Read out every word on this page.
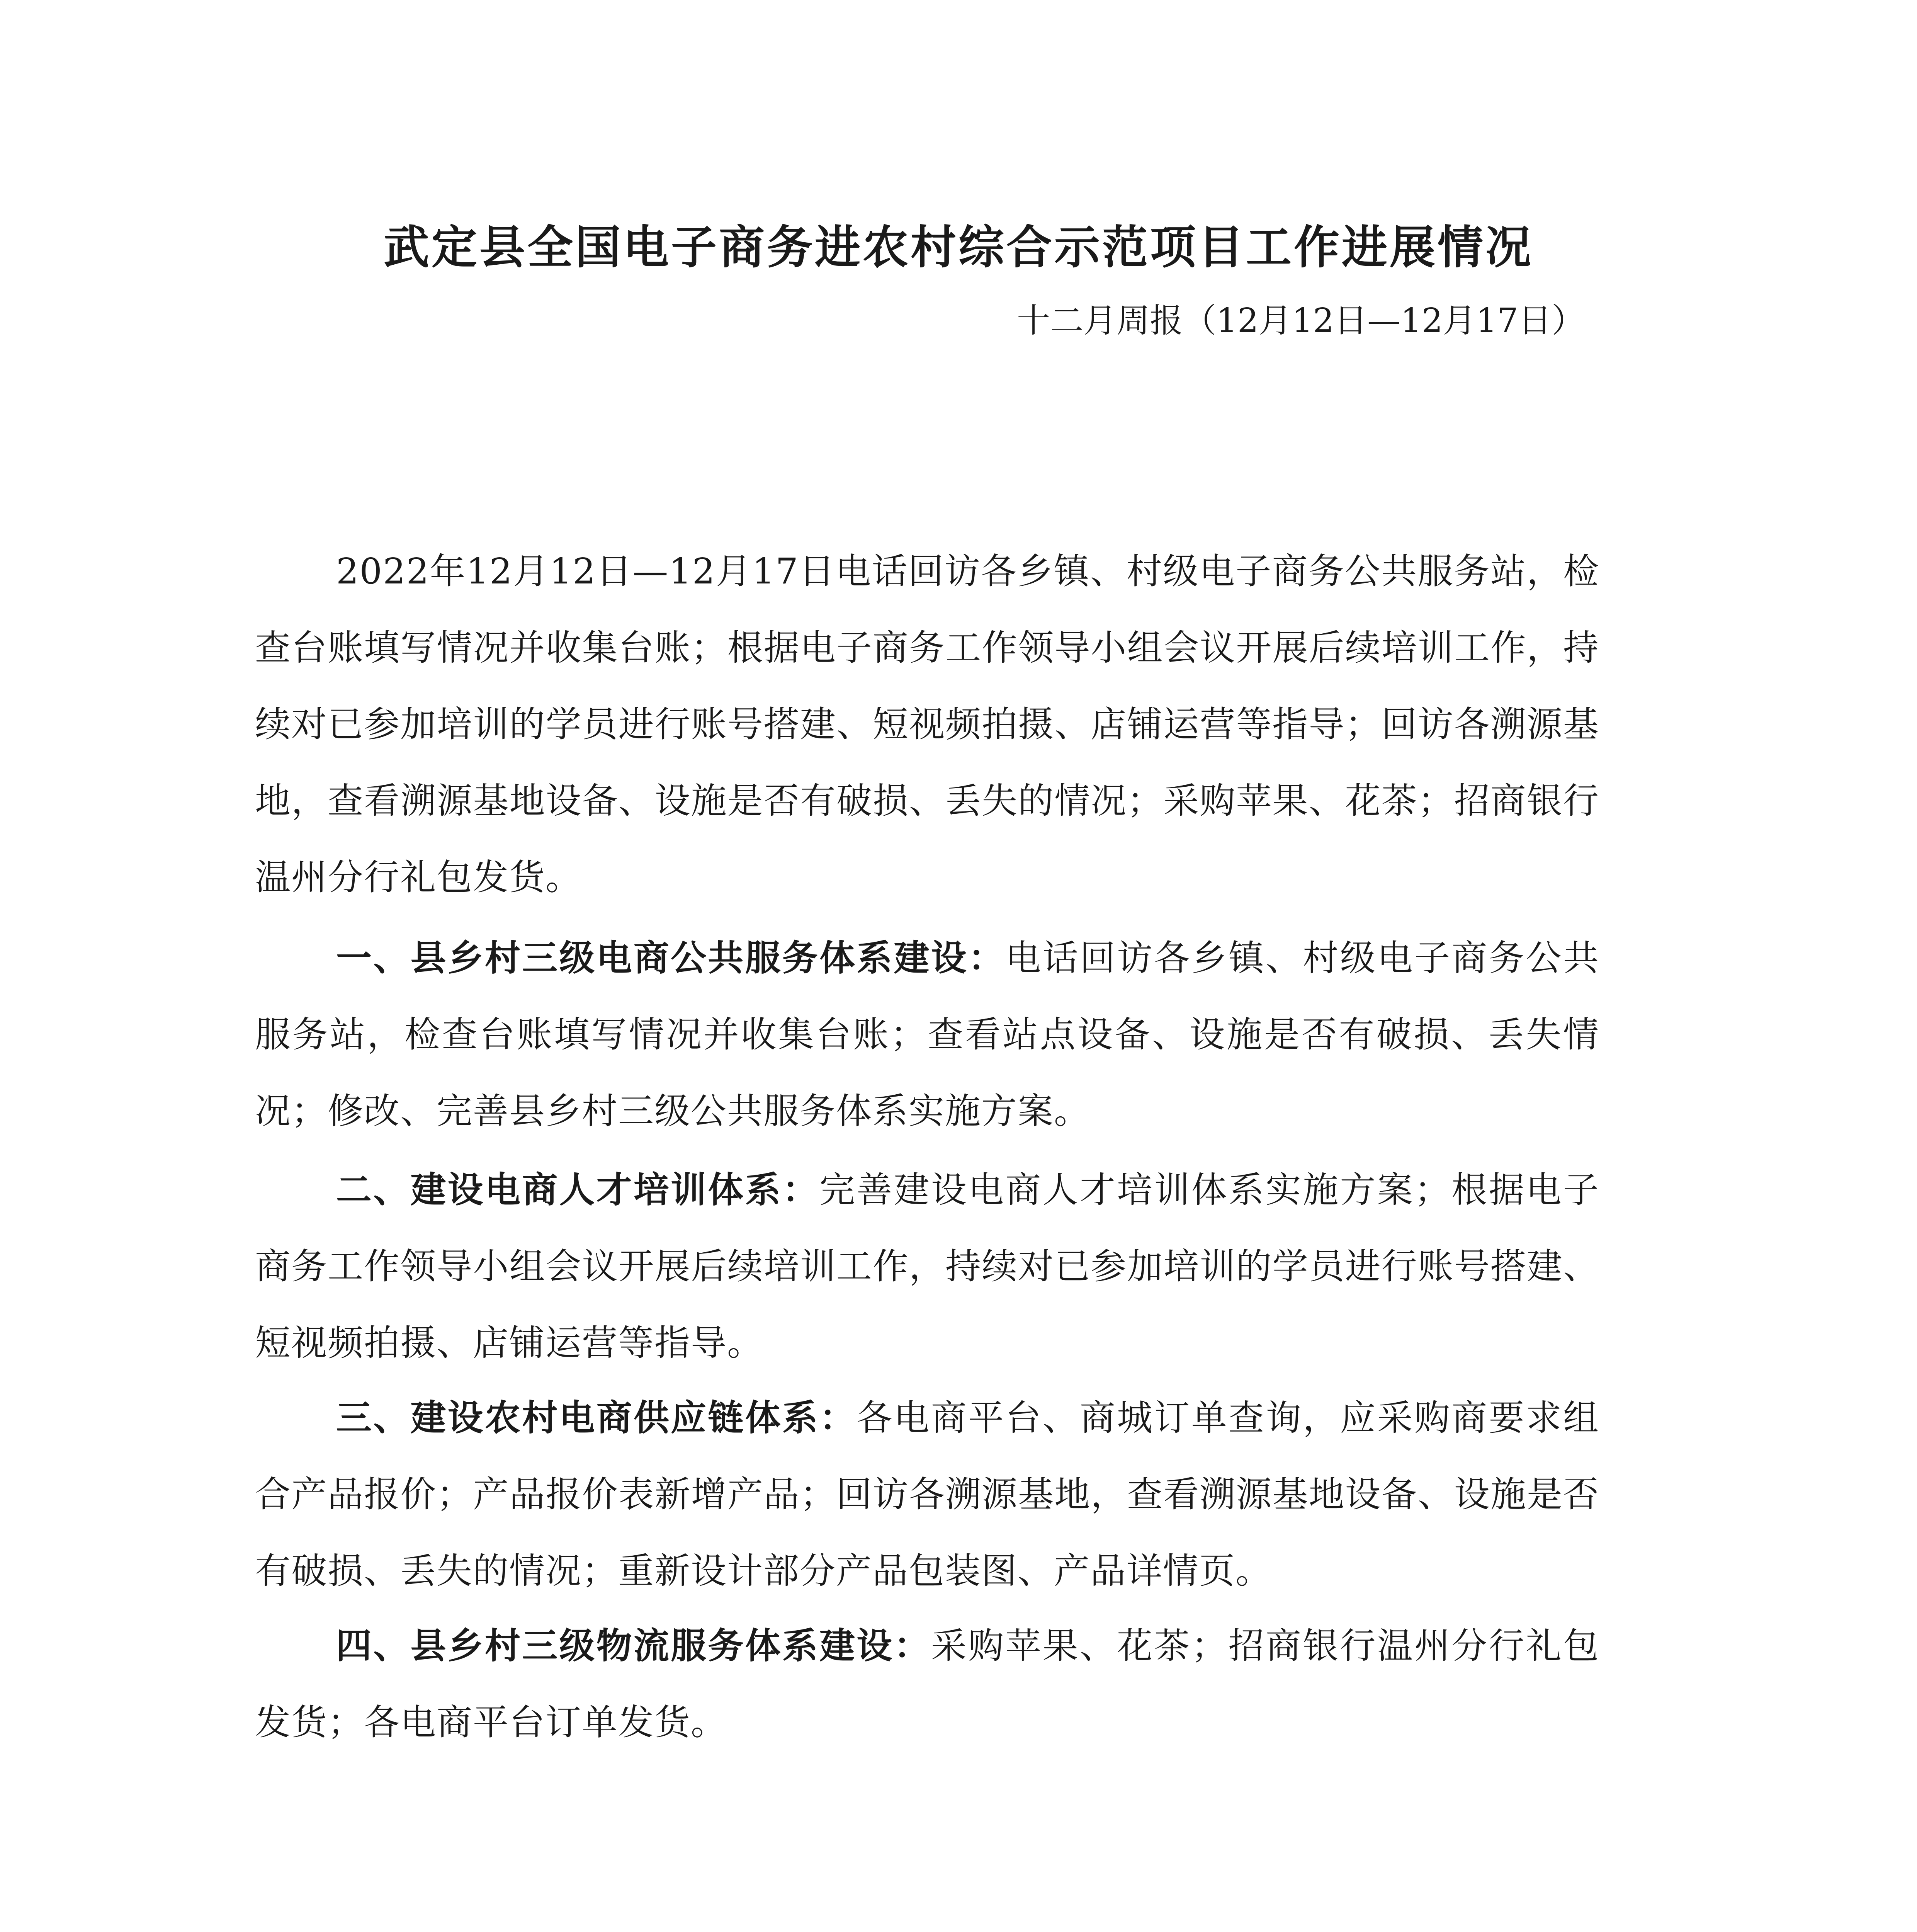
武定县全国电子商务进农村综合示范项目工作进展情况

十二月周报（12月12日—12月17日）

2022年12月12日—12月17日电话回访各乡镇、村级电子商务公共服务站，检查台账填写情况并收集台账；根据电子商务工作领导小组会议开展后续培训工作，持续对已参加培训的学员进行账号搭建、短视频拍摄、店铺运营等指导；回访各溯源基地，查看溯源基地设备、设施是否有破损、丢失的情况；采购苹果、花茶；招商银行温州分行礼包发货。

一、县乡村三级电商公共服务体系建设：电话回访各乡镇、村级电子商务公共服务站，检查台账填写情况并收集台账；查看站点设备、设施是否有破损、丢失情况；修改、完善县乡村三级公共服务体系实施方案。

二、建设电商人才培训体系：完善建设电商人才培训体系实施方案；根据电子商务工作领导小组会议开展后续培训工作，持续对已参加培训的学员进行账号搭建、短视频拍摄、店铺运营等指导。

三、建设农村电商供应链体系：各电商平台、商城订单查询，应采购商要求组合产品报价；产品报价表新增产品；回访各溯源基地，查看溯源基地设备、设施是否有破损、丢失的情况；重新设计部分产品包装图、产品详情页。

四、县乡村三级物流服务体系建设：采购苹果、花茶；招商银行温州分行礼包发货；各电商平台订单发货。
